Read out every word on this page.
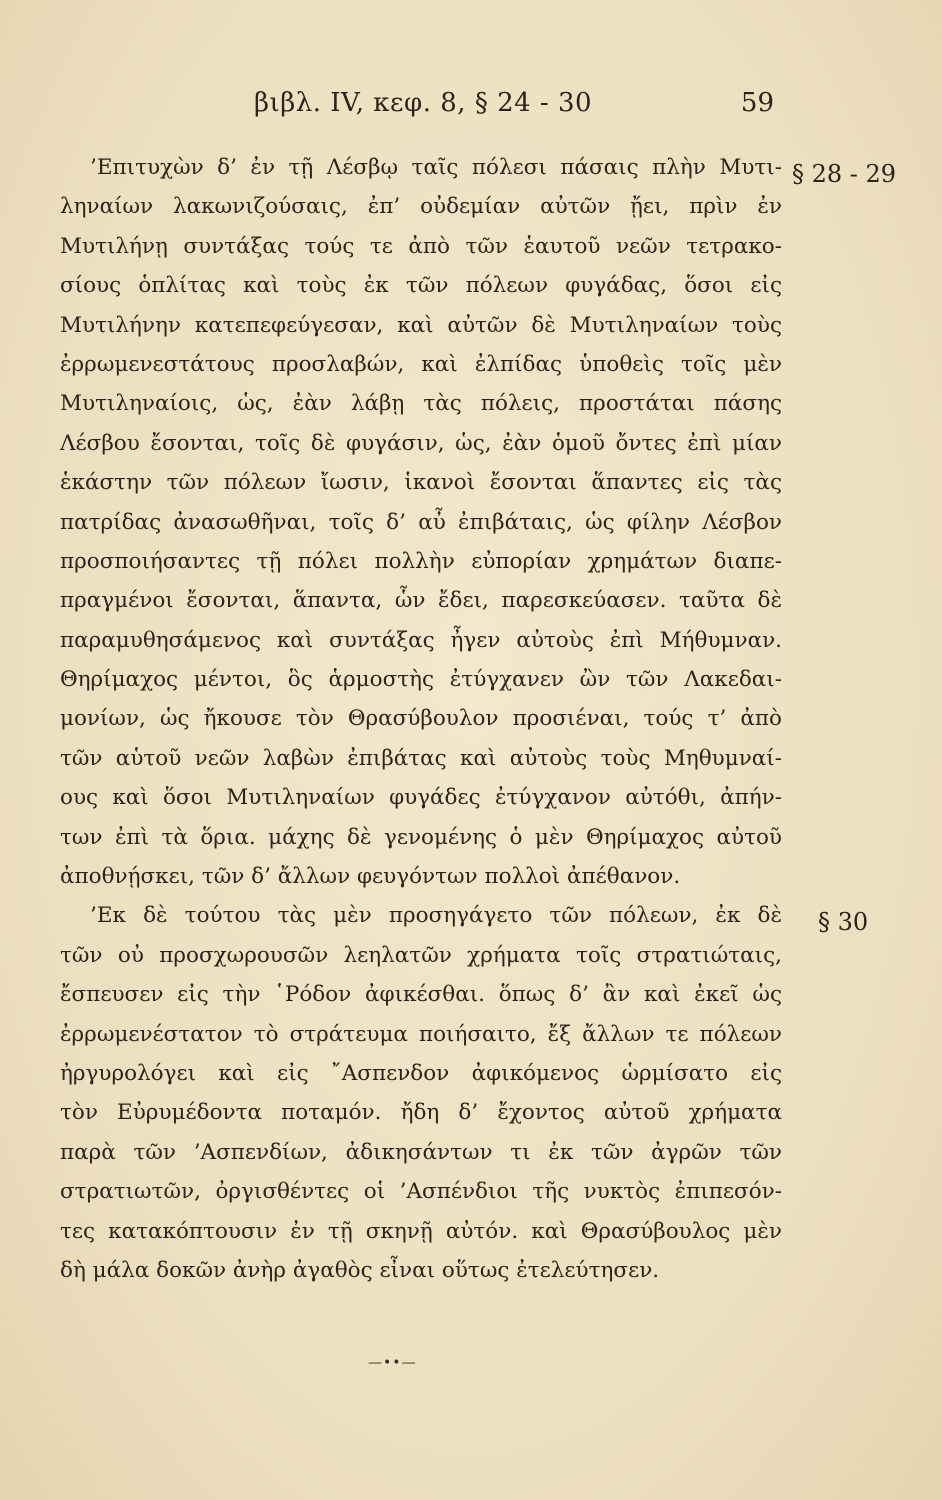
βιβλ. IV, κεφ. 8, § 24 - 30	59
§ 28 - 29
§ 30
’Επιτυχὼν δ’ ἐν τῇ Λέσβῳ ταῖς πόλεσι πάσαις πλὴν Μυτι-
ληναίων λακωνιζούσαις, ἐπ’ οὐδεμίαν αὐτῶν ᾔει, πρὶν ἐν
Μυτιλήνῃ συντάξας τούς τε ἀπὸ τῶν ἑαυτοῦ νεῶν τετρακο-
σίους ὁπλίτας καὶ τοὺς ἐκ τῶν πόλεων φυγάδας, ὅσοι εἰς
Μυτιλήνην κατεπεφεύγεσαν, καὶ αὐτῶν δὲ Μυτιληναίων τοὺς
ἐρρωμενεστάτους προσλαβών, καὶ ἐλπίδας ὑποθεὶς τοῖς μὲν
Μυτιληναίοις, ὡς, ἐὰν λάβῃ τὰς πόλεις, προστάται πάσης
Λέσβου ἔσονται, τοῖς δὲ φυγάσιν, ὡς, ἐὰν ὁμοῦ ὄντες ἐπὶ μίαν
ἑκάστην τῶν πόλεων ἴωσιν, ἱκανοὶ ἔσονται ἅπαντες εἰς τὰς
πατρίδας ἀνασωθῆναι, τοῖς δ’ αὖ ἐπιβάταις, ὡς φίλην Λέσβον
προσποιήσαντες τῇ πόλει πολλὴν εὐπορίαν χρημάτων διαπε-
πραγμένοι ἔσονται, ἅπαντα, ὧν ἔδει, παρεσκεύασεν. ταῦτα δὲ
παραμυθησάμενος καὶ συντάξας ἦγεν αὐτοὺς ἐπὶ Μήθυμναν.
Θηρίμαχος μέντοι, ὃς ἁρμοστὴς ἐτύγχανεν ὢν τῶν Λακεδαι-
μονίων, ὡς ἤκουσε τὸν Θρασύβουλον προσιέναι, τούς τ’ ἀπὸ
τῶν αὑτοῦ νεῶν λαβὼν ἐπιβάτας καὶ αὐτοὺς τοὺς Μηθυμναί-
ους καὶ ὅσοι Μυτιληναίων φυγάδες ἐτύγχανον αὐτόθι, ἀπήν-
των ἐπὶ τὰ ὅρια. μάχης δὲ γενομένης ὁ μὲν Θηρίμαχος αὐτοῦ
ἀποθνῄσκει, τῶν δ’ ἄλλων φευγόντων πολλοὶ ἀπέθανον.
’Εκ δὲ τούτου τὰς μὲν προσηγάγετο τῶν πόλεων, ἐκ δὲ
τῶν οὐ προσχωρουσῶν λεηλατῶν χρήματα τοῖς στρατιώταις,
ἔσπευσεν εἰς τὴν ῾Ρόδον ἀφικέσθαι. ὅπως δ’ ἂν καὶ ἐκεῖ ὡς
ἐρρωμενέστατον τὸ στράτευμα ποιήσαιτο, ἔξ ἄλλων τε πόλεων
ἠργυρολόγει καὶ εἰς ῎Ασπενδον ἀφικόμενος ὡρμίσατο εἰς
τὸν Εὐρυμέδοντα ποταμόν. ἤδη δ’ ἔχοντος αὐτοῦ χρήματα
παρὰ τῶν ’Ασπενδίων, ἀδικησάντων τι ἐκ τῶν ἀγρῶν τῶν
στρατιωτῶν, ὀργισθέντες οἱ ’Ασπένδιοι τῆς νυκτὸς ἐπιπεσόν-
τες κατακόπτουσιν ἐν τῇ σκηνῇ αὐτόν. καὶ Θρασύβουλος μὲν
δὴ μάλα δοκῶν ἀνὴρ ἀγαθὸς εἶναι οὕτως ἐτελεύτησεν.
—••—
